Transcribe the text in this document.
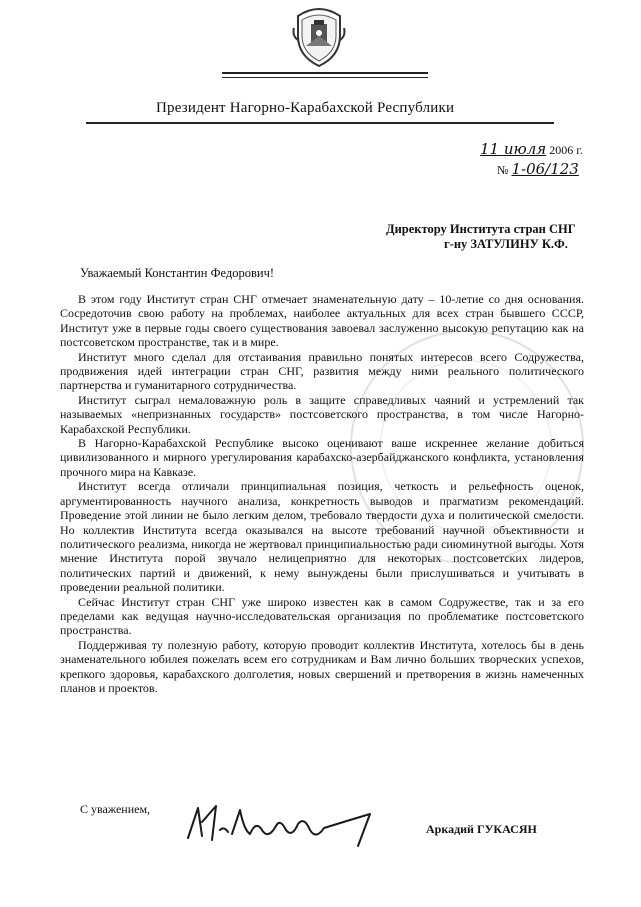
Президент Нагорно-Карабахской Республики
11 июля 2006 г.
№ 1-06/123
Директору Института стран СНГ
г-ну ЗАТУЛИНУ К.Ф.
Уважаемый Константин Федорович!

В этом году Институт стран СНГ отмечает знаменательную дату – 10-летие со дня основания. Сосредоточив свою работу на проблемах, наиболее актуальных для всех стран бывшего СССР, Институт уже в первые годы своего существования завоевал заслуженно высокую репутацию как на постсоветском пространстве, так и в мире.

Институт много сделал для отстаивания правильно понятых интересов всего Содружества, продвижения идей интеграции стран СНГ, развития между ними реального политического партнерства и гуманитарного сотрудничества.

Институт сыграл немаловажную роль в защите справедливых чаяний и устремлений так называемых «непризнанных государств» постсоветского пространства, в том числе Нагорно-Карабахской Республики.

В Нагорно-Карабахской Республике высоко оценивают ваше искреннее желание добиться цивилизованного и мирного урегулирования карабахско-азербайджанского конфликта, установления прочного мира на Кавказе.

Институт всегда отличали принципиальная позиция, четкость и рельефность оценок, аргументированность научного анализа, конкретность выводов и прагматизм рекомендаций. Проведение этой линии не было легким делом, требовало твердости духа и политической смелости. Но коллектив Института всегда оказывался на высоте требований научной объективности и политического реализма, никогда не жертвовал принципиальностью ради сиюминутной выгоды. Хотя мнение Института порой звучало нелицеприятно для некоторых постсоветских лидеров, политических партий и движений, к нему вынуждены были прислушиваться и учитывать в проведении реальной политики.

Сейчас Институт стран СНГ уже широко известен как в самом Содружестве, так и за его пределами как ведущая научно-исследовательская организация по проблематике постсоветского пространства.

Поддерживая ту полезную работу, которую проводит коллектив Института, хотелось бы в день знаменательного юбилея пожелать всем его сотрудникам и Вам лично больших творческих успехов, крепкого здоровья, карабахского долголетия, новых свершений и претворения в жизнь намеченных планов и проектов.

С уважением,
Аркадий ГУКАСЯН
